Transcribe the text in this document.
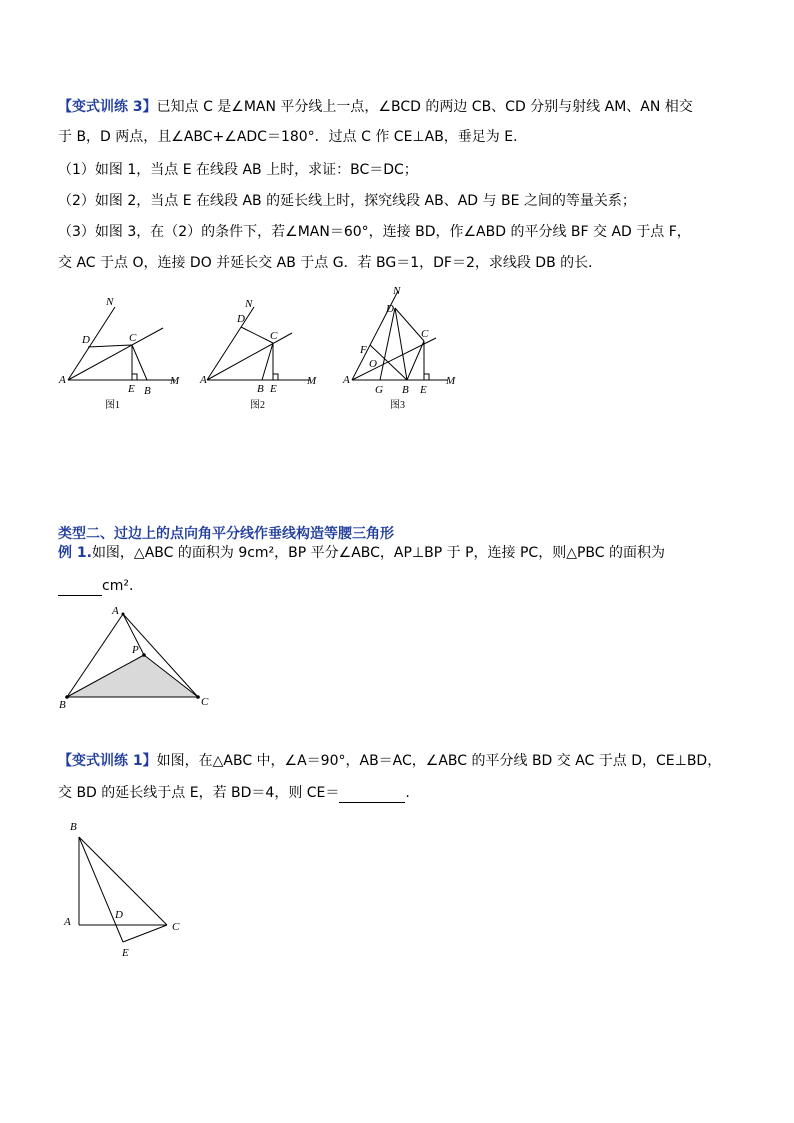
【变式训练 3】已知点 C 是∠MAN 平分线上一点，∠BCD 的两边 CB、CD 分别与射线 AM、AN 相交
于 B，D 两点，且∠ABC+∠ADC＝180°．过点 C 作 CE⊥AB，垂足为 E．
（1）如图 1，当点 E 在线段 AB 上时，求证：BC＝DC；
（2）如图 2，当点 E 在线段 AB 的延长线上时，探究线段 AB、AD 与 BE 之间的等量关系；
（3）如图 3，在（2）的条件下，若∠MAN＝60°，连接 BD，作∠ABD 的平分线 BF 交 AD 于点 F，
交 AC 于点 O，连接 DO 并延长交 AB 于点 G．若 BG＝1，DF＝2，求线段 DB 的长．
N
D	C
A
E B
M
图1
N
D
C
A
B E
M
图2
N
D
C
F
O
A
G B E
M
图3
类型二、过边上的点向角平分线作垂线构造等腰三角形
例 1.如图，△ABC 的面积为 9cm²，BP 平分∠ABC，AP⊥BP 于 P，连接 PC，则△PBC 的面积为
cm².
A
P
B	C
【变式训练 1】如图，在△ABC 中，∠A＝90°，AB＝AC，∠ABC 的平分线 BD 交 AC 于点 D，CE⊥BD，
交 BD 的延长线于点 E，若 BD＝4，则 CE＝	.
B
A
D
C
E
